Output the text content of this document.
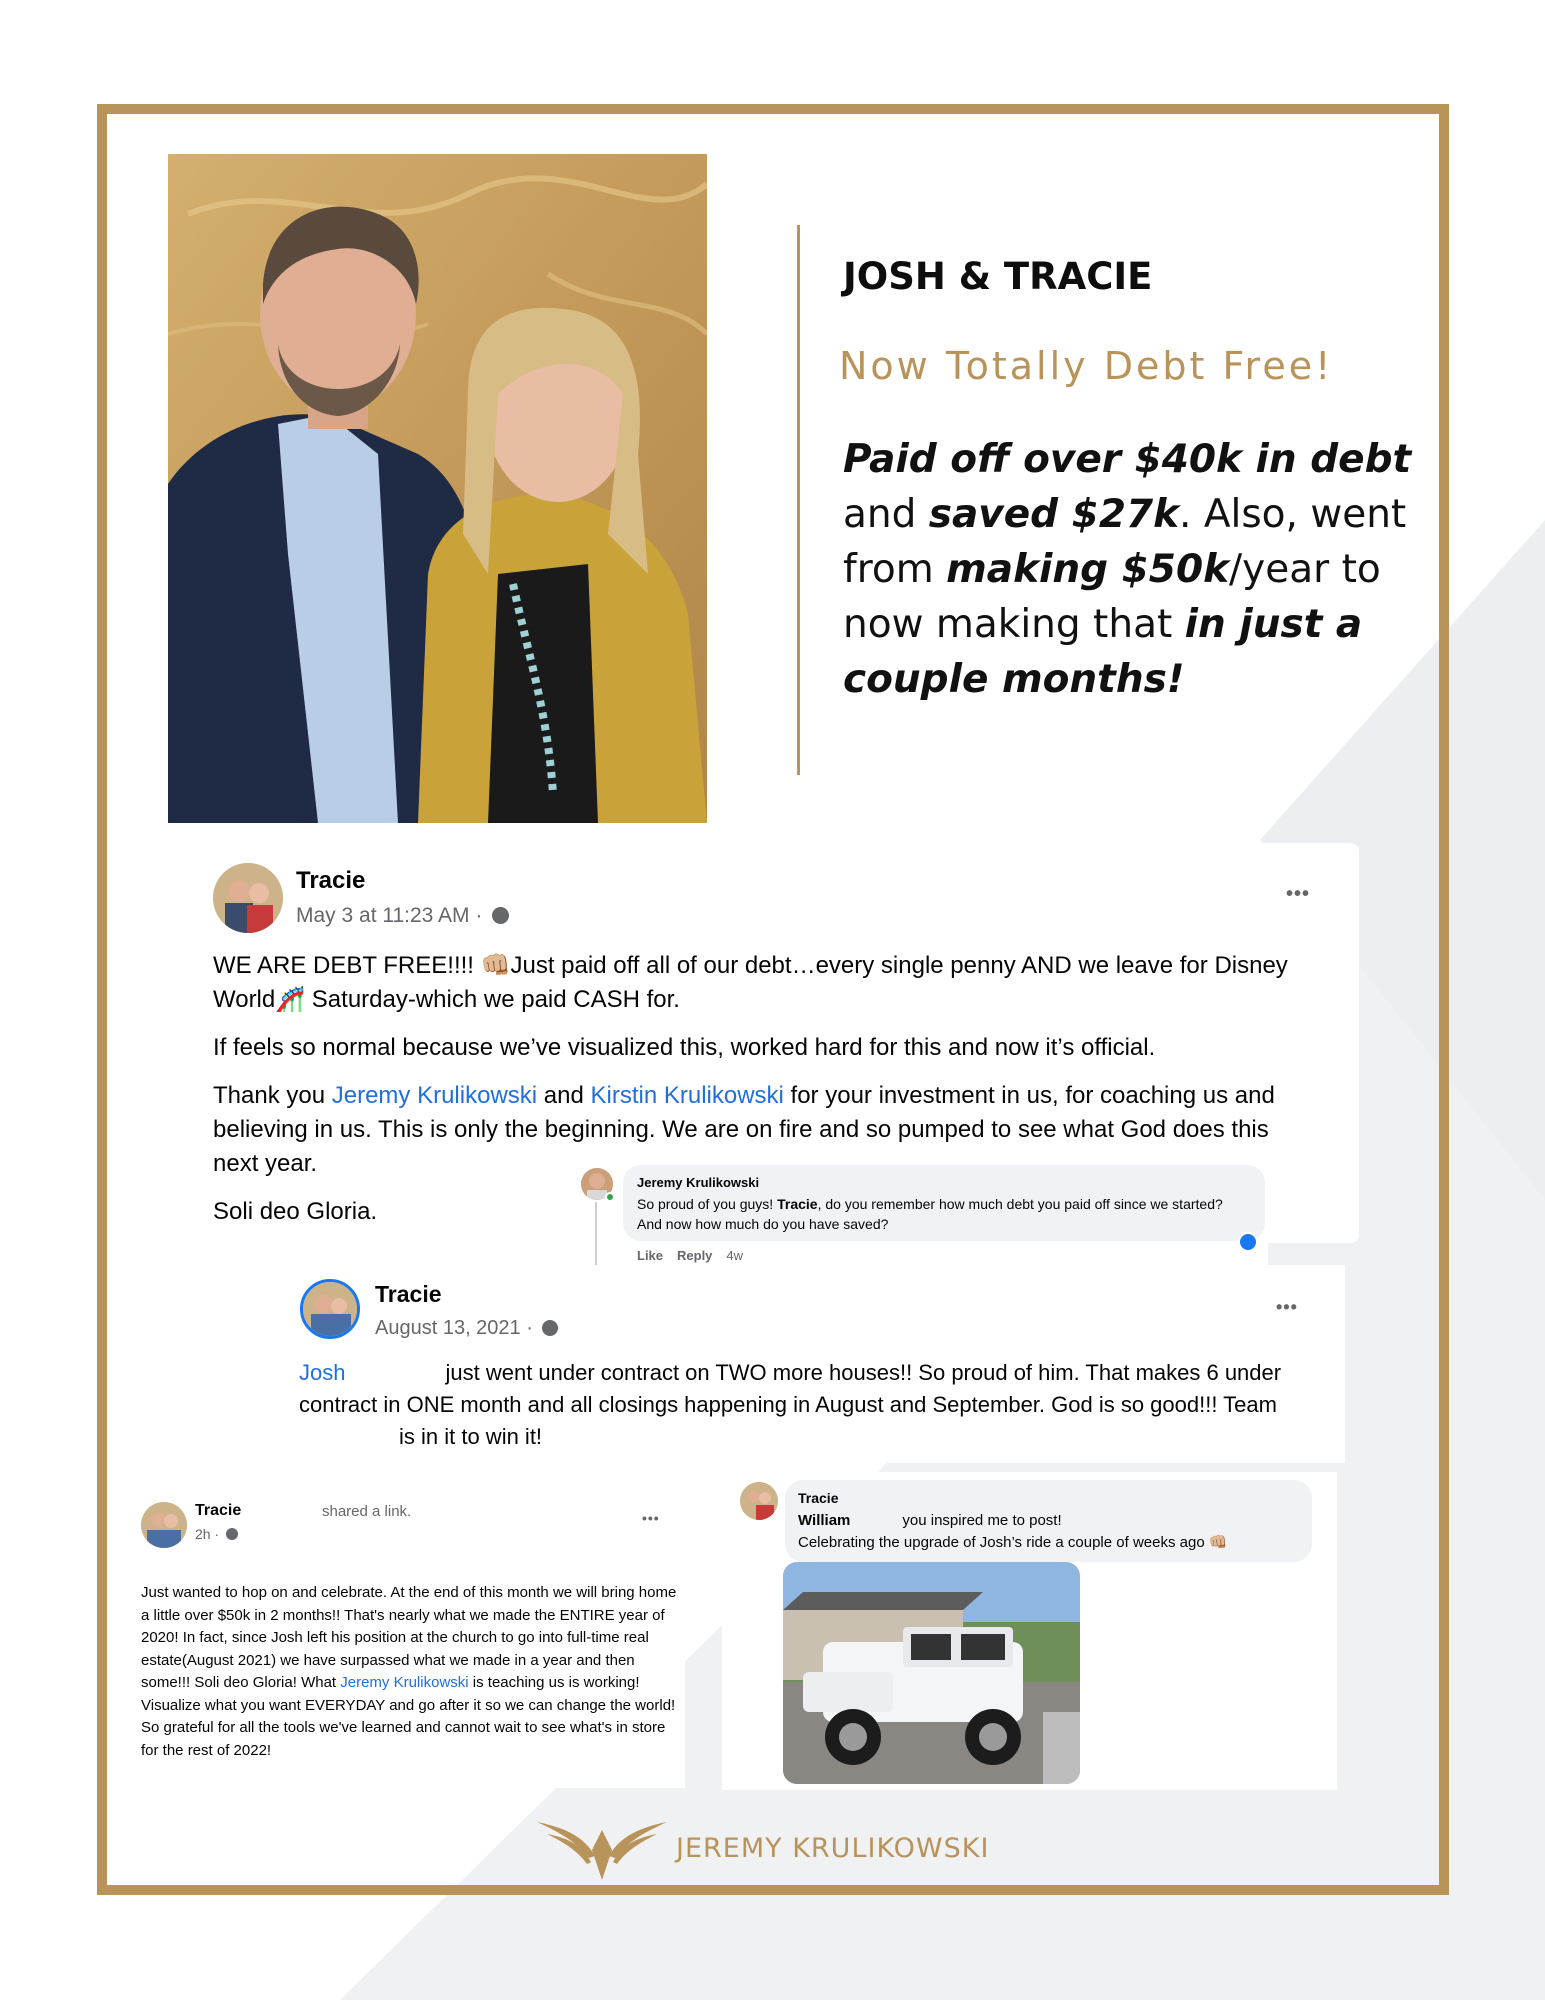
JOSH & TRACIE
Now Totally Debt Free!
Paid off over $40k in debt and saved $27k. Also, went from making $50k/year to now making that in just a couple months!
Tracie
May 3 at 11:23 AM ·
•••

WE ARE DEBT FREE!!!! 👊🏼Just paid off all of our debt…every single penny AND we leave for Disney World🎢 Saturday-which we paid CASH for.

If feels so normal because we’ve visualized this, worked hard for this and now it’s official.

Thank you Jeremy Krulikowski and Kirstin Krulikowski for your investment in us, for coaching us and believing in us. This is only the beginning. We are on fire and so pumped to see what God does this next year.

Soli deo Gloria.

Jeremy Krulikowski
So proud of you guys! Tracie, do you remember how much debt you paid off since we started? And now how much do you have saved?
Like Reply 4w
Tracie
August 13, 2021 ·
•••
Josh	just went under contract on TWO more houses!! So proud of him. That makes 6 under contract in ONE month and all closings happening in August and September. God is so good!!! Team is in it to win it!
Tracie	shared a link.
2h ·
•••
Just wanted to hop on and celebrate. At the end of this month we will bring home a little over $50k in 2 months!! That's nearly what we made the ENTIRE year of 2020! In fact, since Josh left his position at the church to go into full-time real estate(August 2021) we have surpassed what we made in a year and then some!!! Soli deo Gloria! What Jeremy Krulikowski is teaching us is working! Visualize what you want EVERYDAY and go after it so we can change the world! So grateful for all the tools we've learned and cannot wait to see what's in store for the rest of 2022!
Tracie
William	you inspired me to post!
Celebrating the upgrade of Josh’s ride a couple of weeks ago 👊🏼
JEREMY KRULIKOWSKI
